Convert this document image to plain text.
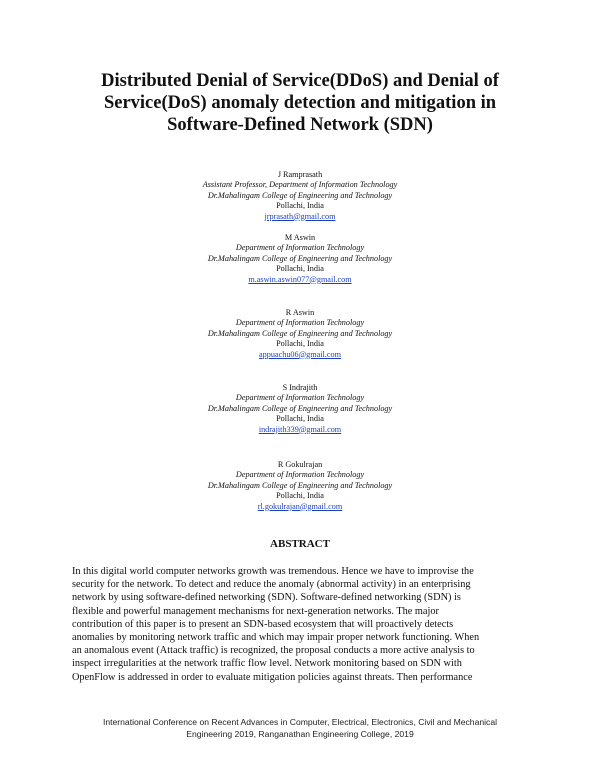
Distributed Denial of Service(DDoS) and Denial of
Service(DoS) anomaly detection and mitigation in
Software-Defined Network (SDN)
J Ramprasath
Assistant Professor, Department of Information Technology
Dr.Mahalingam College of Engineering and Technology
Pollachi, India
jrprasath@gmail.com
M Aswin
Department of Information Technology
Dr.Mahalingam College of Engineering and Technology
Pollachi, India
m.aswin.aswin077@gmail.com
R Aswin
Department of Information Technology
Dr.Mahalingam College of Engineering and Technology
Pollachi, India
appuachu06@gmail.com
S Indrajith
Department of Information Technology
Dr.Mahalingam College of Engineering and Technology
Pollachi, India
indrajith339@gmail.com
R Gokulrajan
Department of Information Technology
Dr.Mahalingam College of Engineering and Technology
Pollachi, India
rl.gokulrajan@gmail.com
ABSTRACT

In this digital world computer networks growth was tremendous. Hence we have to improvise the
security for the network. To detect and reduce the anomaly (abnormal activity) in an enterprising
network by using software-defined networking (SDN). Software-defined networking (SDN) is
flexible and powerful management mechanisms for next-generation networks. The major
contribution of this paper is to present an SDN-based ecosystem that will proactively detects
anomalies by monitoring network traffic and which may impair proper network functioning. When
an anomalous event (Attack traffic) is recognized, the proposal conducts a more active analysis to
inspect irregularities at the network traffic flow level. Network monitoring based on SDN with
OpenFlow is addressed in order to evaluate mitigation policies against threats. Then performance

International Conference on Recent Advances in Computer, Electrical, Electronics, Civil and Mechanical
Engineering 2019, Ranganathan Engineering College, 2019
